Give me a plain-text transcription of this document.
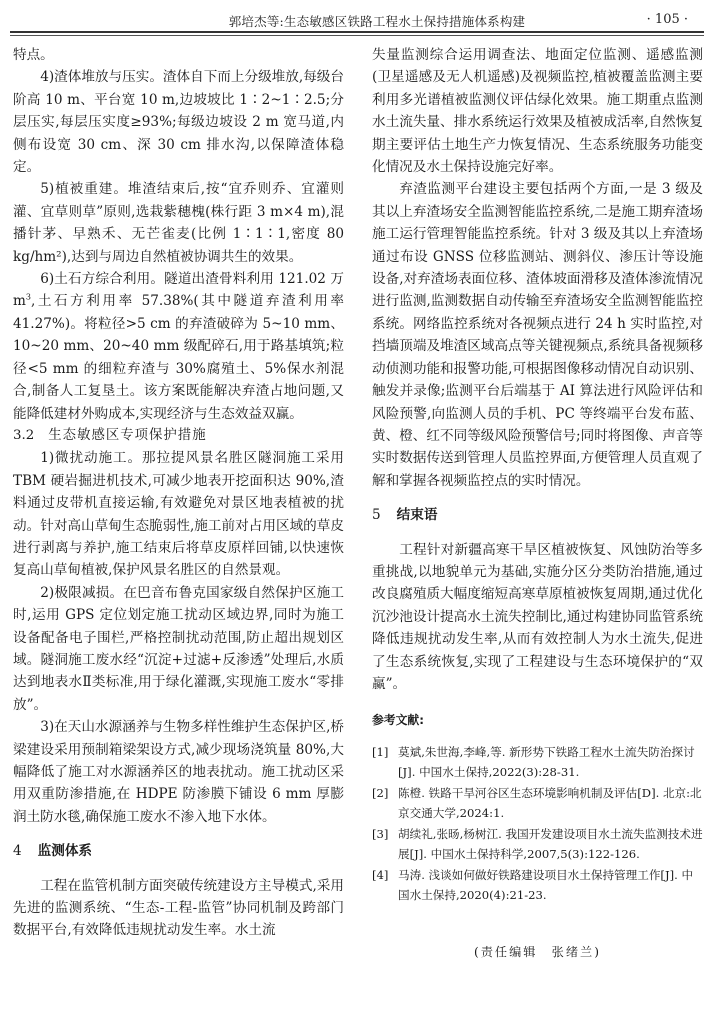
郭培杰等:生态敏感区铁路工程水土保持措施体系构建	· 105 ·

特点。

4)渣体堆放与压实。渣体自下而上分级堆放,每级台阶高 10 m、平台宽 10 m,边坡坡比 1∶2~1∶2.5;分层压实,每层压实度≥93%;每级边坡设 2 m 宽马道,内侧布设宽 30 cm、深 30 cm 排水沟,以保障渣体稳定。

5)植被重建。堆渣结束后,按“宜乔则乔、宜灌则灌、宜草则草”原则,选栽紫穗槐(株行距 3 m×4 m),混播针茅、早熟禾、无芒雀麦(比例 1∶1∶1,密度 80 kg/hm²),达到与周边自然植被协调共生的效果。

6)土石方综合利用。隧道出渣骨料利用 121.02 万 $m^3$,土石方利用率 57.38%(其中隧道弃渣利用率 41.27%)。将粒径>5 cm 的弃渣破碎为 5~10 mm、10~20 mm、20~40 mm 级配碎石,用于路基填筑;粒径<5 mm 的细粒弃渣与 30%腐殖土、5%保水剂混合,制备人工复垦土。该方案既能解决弃渣占地问题,又能降低建材外购成本,实现经济与生态效益双赢。

3.2 生态敏感区专项保护措施

1)微扰动施工。那拉提风景名胜区隧洞施工采用 TBM 硬岩掘进机技术,可减少地表开挖面积达 90%,渣料通过皮带机直接运输,有效避免对景区地表植被的扰动。针对高山草甸生态脆弱性,施工前对占用区域的草皮进行剥离与养护,施工结束后将草皮原样回铺,以快速恢复高山草甸植被,保护风景名胜区的自然景观。

2)极限减损。在巴音布鲁克国家级自然保护区施工时,运用 GPS 定位划定施工扰动区域边界,同时为施工设备配备电子围栏,严格控制扰动范围,防止超出规划区域。隧洞施工废水经“沉淀+过滤+反渗透”处理后,水质达到地表水Ⅱ类标准,用于绿化灌溉,实现施工废水“零排放”。

3)在天山水源涵养与生物多样性维护生态保护区,桥梁建设采用预制箱梁架设方式,减少现场浇筑量 80%,大幅降低了施工对水源涵养区的地表扰动。施工扰动区采用双重防渗措施,在 HDPE 防渗膜下铺设 6 mm 厚膨润土防水毯,确保施工废水不渗入地下水体。

4 监测体系

工程在监管机制方面突破传统建设方主导模式,采用先进的监测系统、“生态-工程-监管”协同机制及跨部门数据平台,有效降低违规扰动发生率。水土流

失量监测综合运用调查法、地面定位监测、遥感监测(卫星遥感及无人机遥感)及视频监控,植被覆盖监测主要利用多光谱植被监测仪评估绿化效果。施工期重点监测水土流失量、排水系统运行效果及植被成活率,自然恢复期主要评估土地生产力恢复情况、生态系统服务功能变化情况及水土保持设施完好率。

弃渣监测平台建设主要包括两个方面,一是 3 级及其以上弃渣场安全监测智能监控系统,二是施工期弃渣场施工运行管理智能监控系统。针对 3 级及其以上弃渣场通过布设 GNSS 位移监测站、测斜仪、渗压计等设施设备,对弃渣场表面位移、渣体坡面滑移及渣体渗流情况进行监测,监测数据自动传输至弃渣场安全监测智能监控系统。网络监控系统对各视频点进行 24 h 实时监控,对挡墙顶端及堆渣区域高点等关键视频点,系统具备视频移动侦测功能和报警功能,可根据图像移动情况自动识别、触发并录像;监测平台后端基于 AI 算法进行风险评估和风险预警,向监测人员的手机、PC 等终端平台发布蓝、黄、橙、红不同等级风险预警信号;同时将图像、声音等实时数据传送到管理人员监控界面,方便管理人员直观了解和掌握各视频监控点的实时情况。

5 结束语

工程针对新疆高寒干旱区植被恢复、风蚀防治等多重挑战,以地貌单元为基础,实施分区分类防治措施,通过改良腐殖质大幅度缩短高寒草原植被恢复周期,通过优化沉沙池设计提高水土流失控制比,通过构建协同监管系统降低违规扰动发生率,从而有效控制人为水土流失,促进了生态系统恢复,实现了工程建设与生态环境保护的“双赢”。

参考文献:
[1] 莫斌,朱世海,李峰,等. 新形势下铁路工程水土流失防治探讨[J]. 中国水土保持,2022(3):28-31.
[2] 陈橙. 铁路干旱河谷区生态环境影响机制及评估[D]. 北京:北京交通大学,2024:1.
[3] 胡续礼,张旸,杨树江. 我国开发建设项目水土流失监测技术进展[J]. 中国水土保持科学,2007,5(3):122-126.
[4] 马涛. 浅谈如何做好铁路建设项目水土保持管理工作[J]. 中国水土保持,2020(4):21-23.
(责任编辑　张绪兰)
